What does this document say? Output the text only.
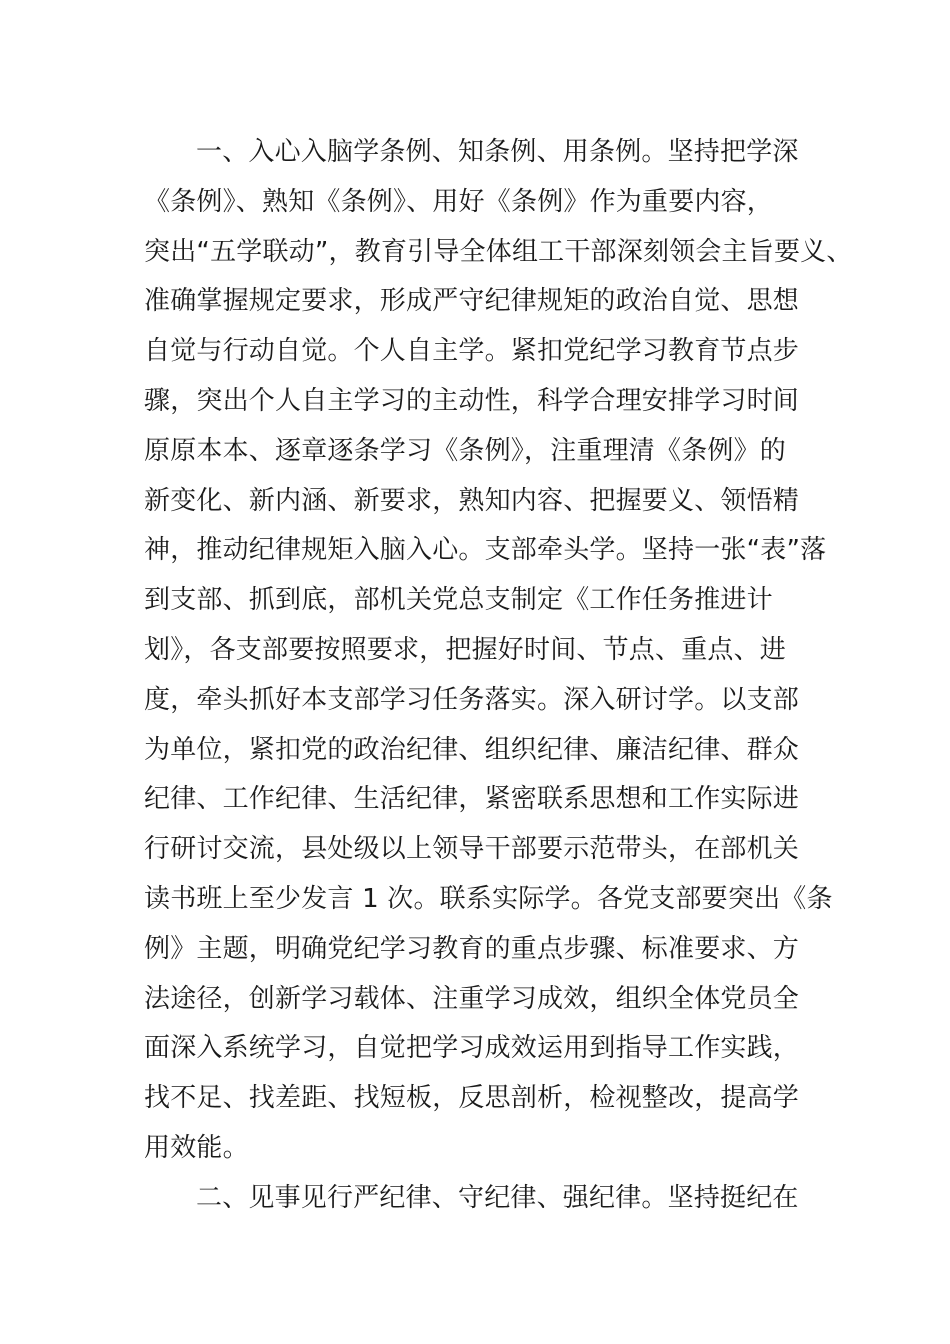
一、入心入脑学条例、知条例、用条例。坚持把学深
《条例》、熟知《条例》、用好《条例》作为重要内容，
突出“五学联动”，教育引导全体组工干部深刻领会主旨要义、
准确掌握规定要求，形成严守纪律规矩的政治自觉、思想
自觉与行动自觉。个人自主学。紧扣党纪学习教育节点步
骤，突出个人自主学习的主动性，科学合理安排学习时间
原原本本、逐章逐条学习《条例》，注重理清《条例》的
新变化、新内涵、新要求，熟知内容、把握要义、领悟精
神，推动纪律规矩入脑入心。支部牵头学。坚持一张“表”落
到支部、抓到底，部机关党总支制定《工作任务推进计
划》，各支部要按照要求，把握好时间、节点、重点、进
度，牵头抓好本支部学习任务落实。深入研讨学。以支部
为单位，紧扣党的政治纪律、组织纪律、廉洁纪律、群众
纪律、工作纪律、生活纪律，紧密联系思想和工作实际进
行研讨交流，县处级以上领导干部要示范带头，在部机关
读书班上至少发言 1 次。联系实际学。各党支部要突出《条
例》主题，明确党纪学习教育的重点步骤、标准要求、方
法途径，创新学习载体、注重学习成效，组织全体党员全
面深入系统学习，自觉把学习成效运用到指导工作实践，
找不足、找差距、找短板，反思剖析，检视整改，提高学
用效能。
二、见事见行严纪律、守纪律、强纪律。坚持挺纪在
